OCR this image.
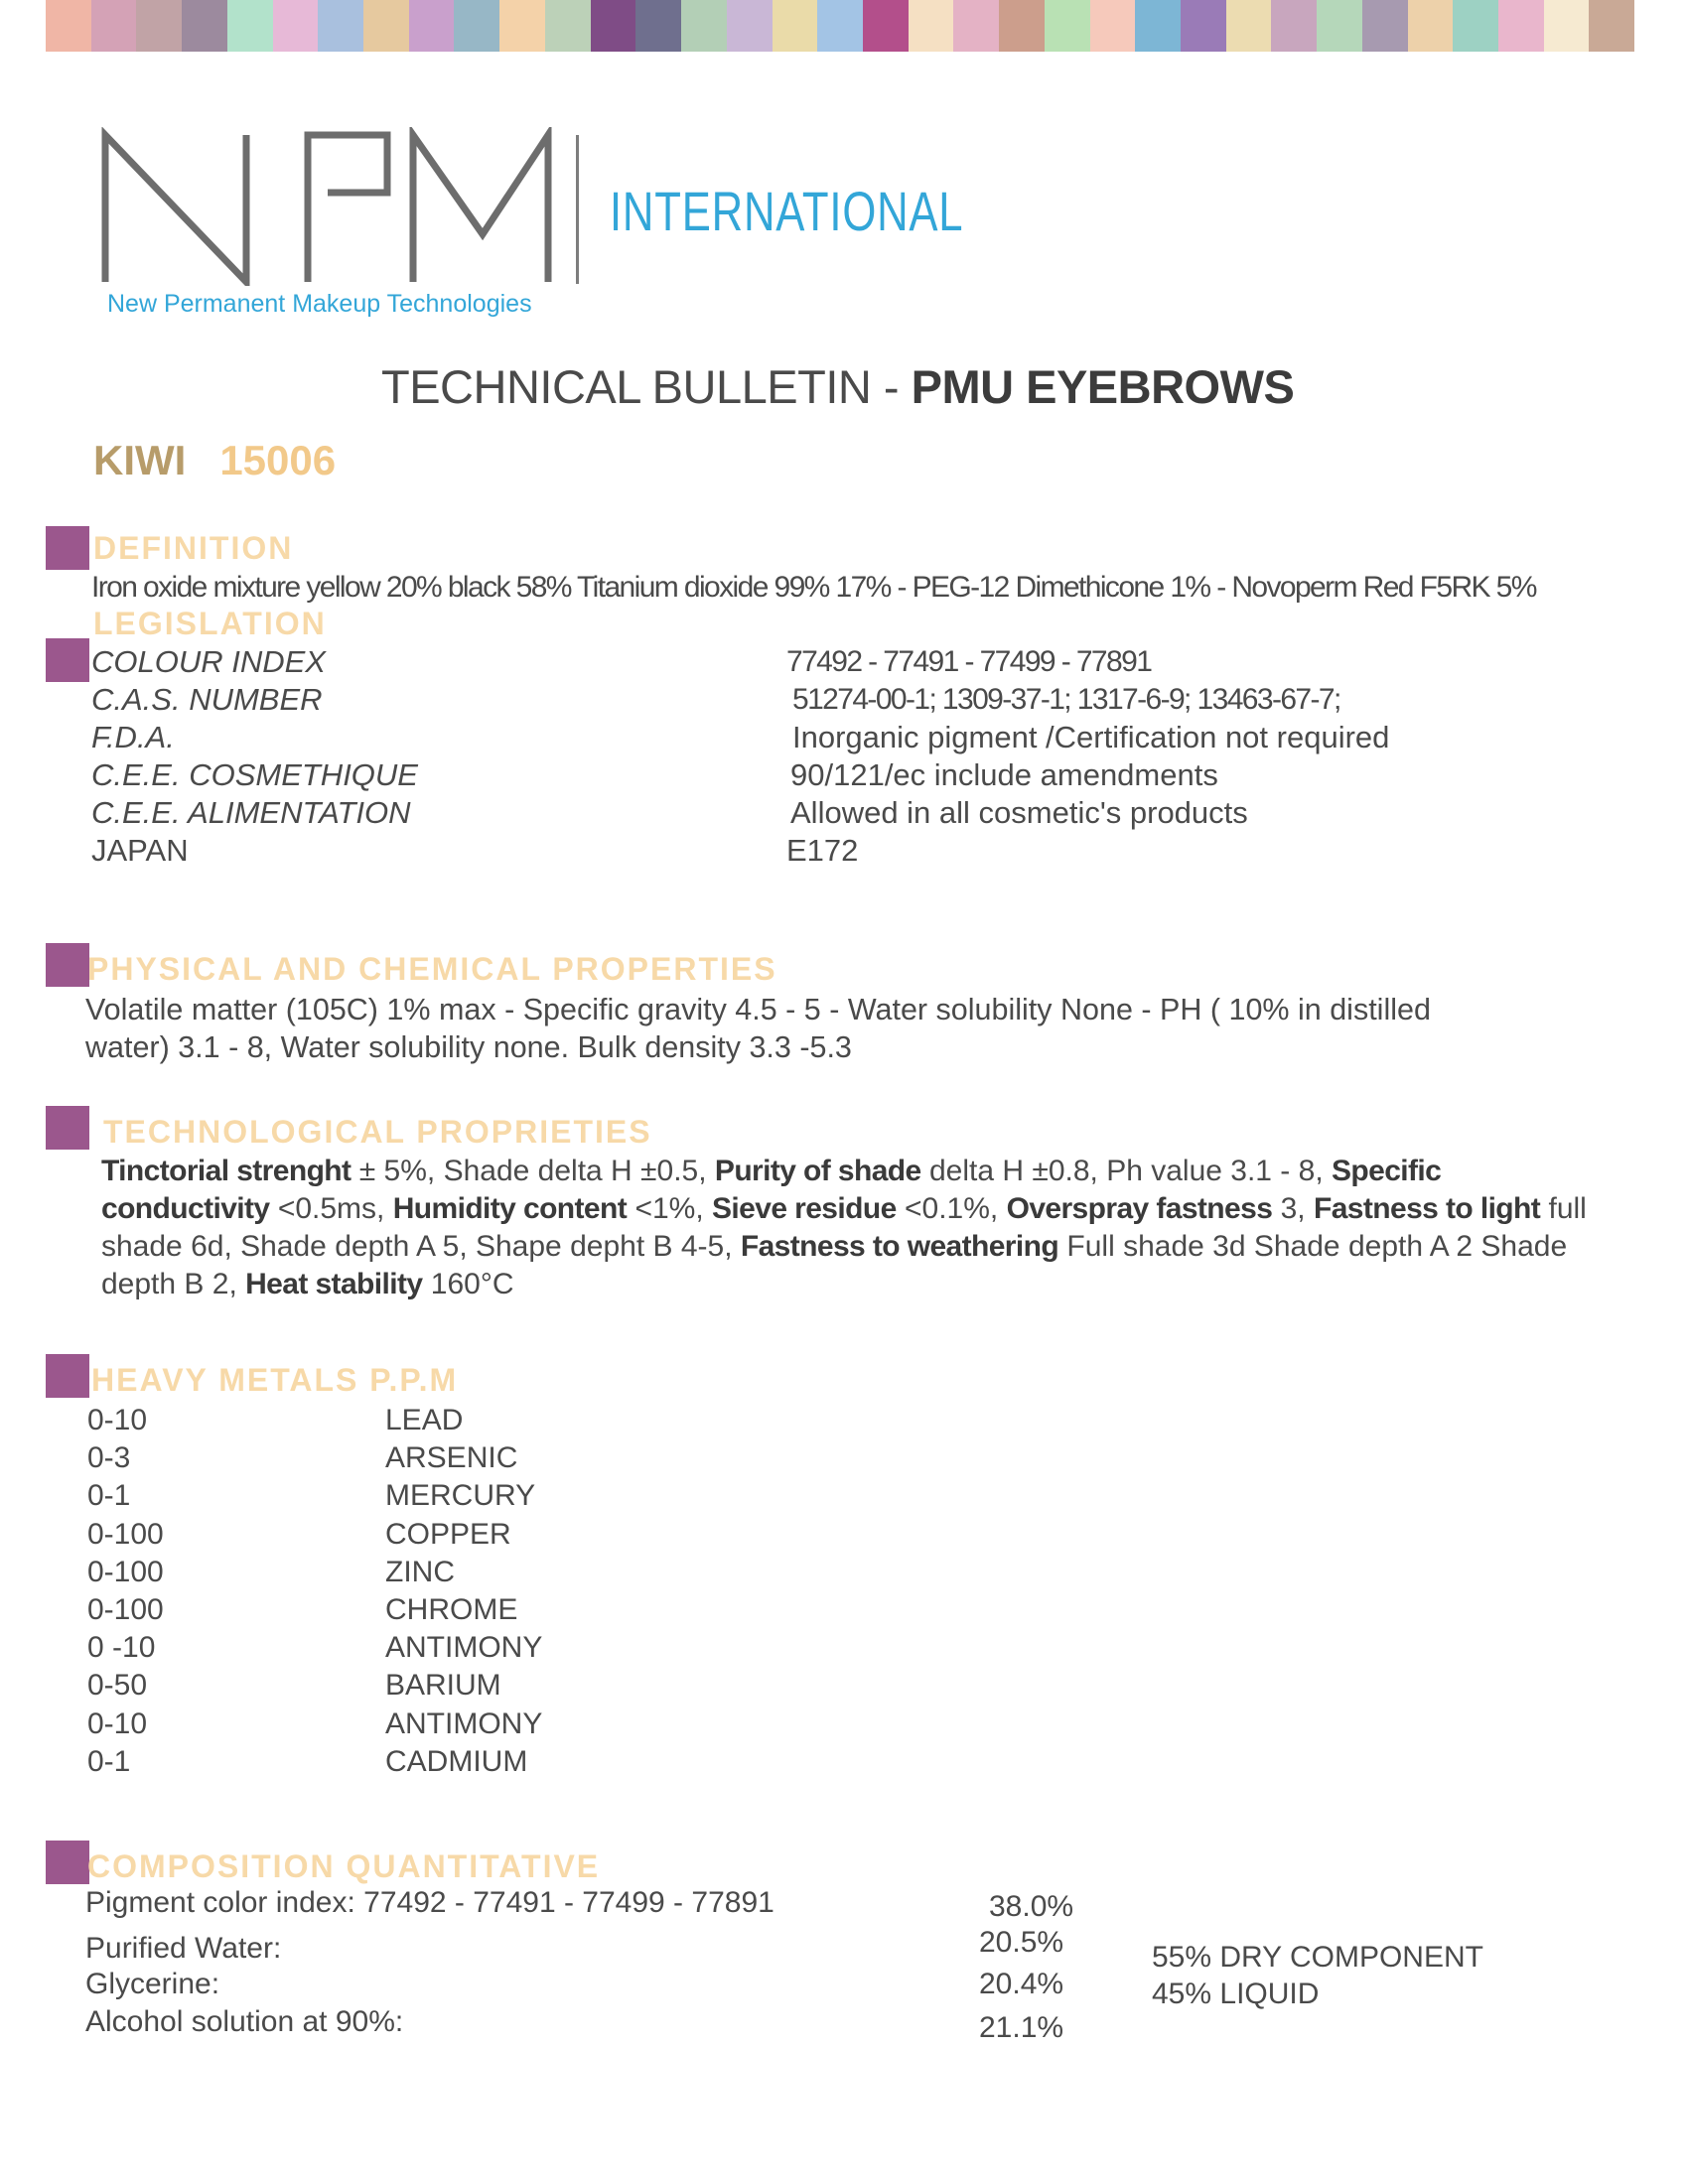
INTERNATIONAL
New Permanent Makeup Technologies
TECHNICAL BULLETIN - PMU EYEBROWS
KIWI 15006
DEFINITION
Iron oxide mixture yellow 20% black 58% Titanium dioxide 99% 17% - PEG-12 Dimethicone 1% - Novoperm Red F5RK 5%
LEGISLATION
COLOUR INDEX	77492 - 77491 - 77499 - 77891
C.A.S. NUMBER	51274-00-1; 1309-37-1; 1317-6-9; 13463-67-7;
F.D.A.	Inorganic pigment /Certification not required
C.E.E. COSMETHIQUE	90/121/ec include amendments
C.E.E. ALIMENTATION	Allowed in all cosmetic's products
JAPAN	E172
PHYSICAL AND CHEMICAL PROPERTIES
Volatile matter (105C) 1% max - Specific gravity 4.5 - 5 - Water solubility None - PH ( 10% in distilled
water) 3.1 - 8, Water solubility none. Bulk density 3.3 -5.3
TECHNOLOGICAL PROPRIETIES
Tinctorial strenght ± 5%, Shade delta H ±0.5, Purity of shade delta H ±0.8, Ph value 3.1 - 8, Specific conductivity <0.5ms, Humidity content <1%, Sieve residue <0.1%, Overspray fastness 3, Fastness to light full shade 6d, Shade depth A 5, Shape depht B 4-5, Fastness to weathering Full shade 3d Shade depth A 2 Shade depth B 2, Heat stability 160°C
HEAVY METALS P.P.M
0-10	LEAD
0-3	ARSENIC
0-1	MERCURY
0-100	COPPER
0-100	ZINC
0-100	CHROME
0 -10	ANTIMONY
0-50	BARIUM
0-10	ANTIMONY
0-1	CADMIUM
COMPOSITION QUANTITATIVE
Pigment color index: 77492 - 77491 - 77499 - 77891	38.0%
Purified Water:	20.5%
Glycerine:	20.4%
Alcohol solution at 90%:	21.1%
55% DRY COMPONENT
45% LIQUID
